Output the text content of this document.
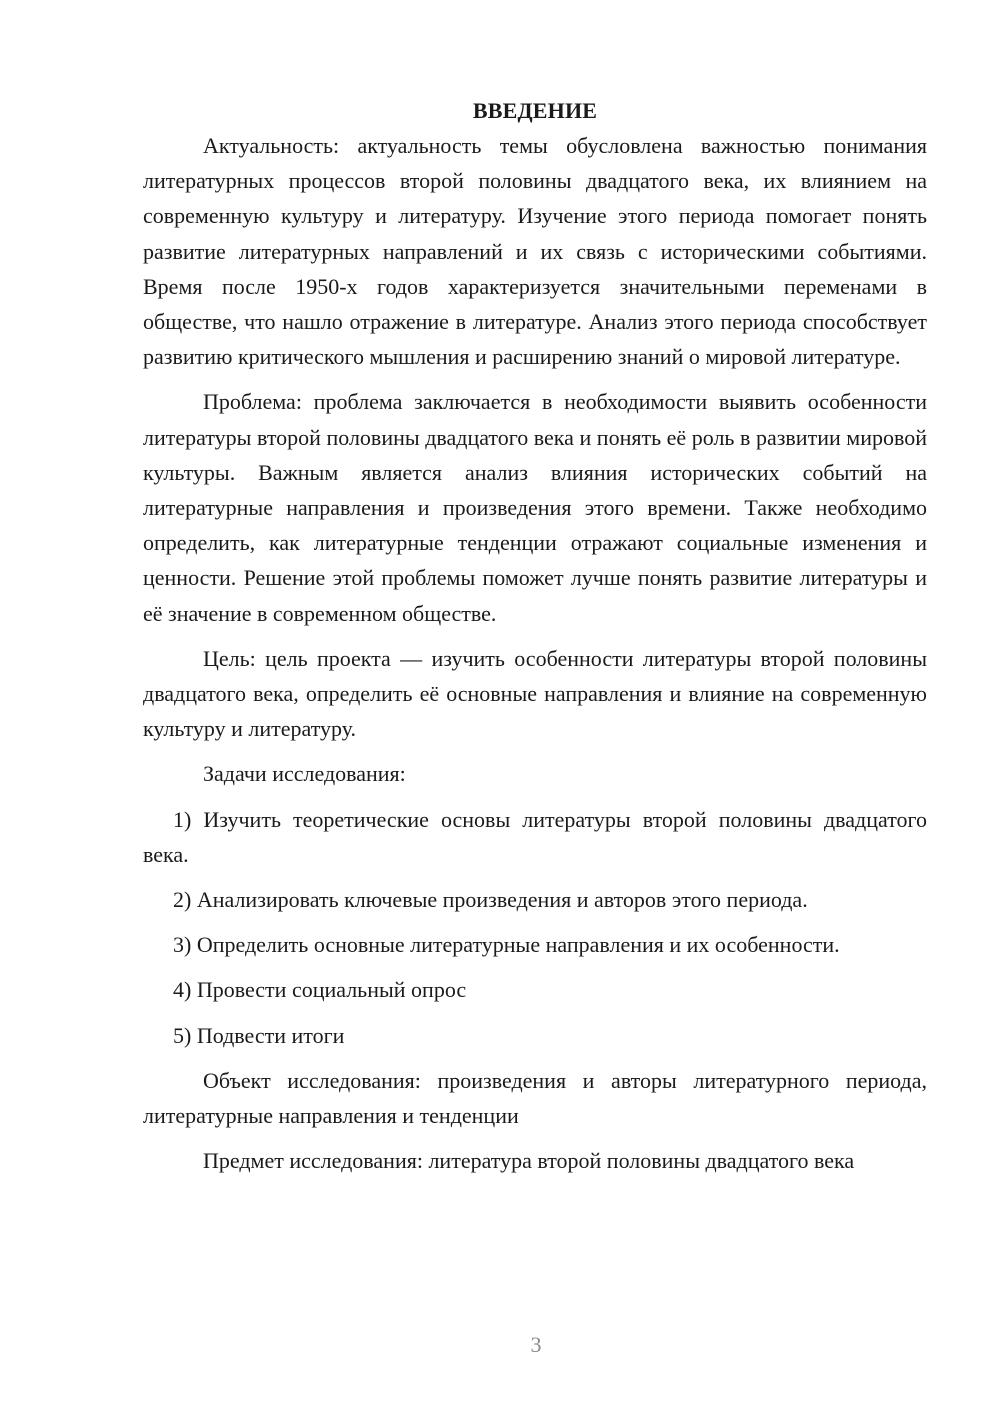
ВВЕДЕНИЕ

Актуальность: актуальность темы обусловлена важностью понимания литературных процессов второй половины двадцатого века, их влиянием на современную культуру и литературу. Изучение этого периода помогает понять развитие литературных направлений и их связь с историческими событиями. Время после 1950-х годов характеризуется значительными переменами в обществе, что нашло отражение в литературе. Анализ этого периода способствует развитию критического мышления и расширению знаний о мировой литературе.

Проблема: проблема заключается в необходимости выявить особенности литературы второй половины двадцатого века и понять её роль в развитии мировой культуры. Важным является анализ влияния исторических событий на литературные направления и произведения этого времени. Также необходимо определить, как литературные тенденции отражают социальные изменения и ценности. Решение этой проблемы поможет лучше понять развитие литературы и её значение в современном обществе.

Цель: цель проекта — изучить особенности литературы второй половины двадцатого века, определить её основные направления и влияние на современную культуру и литературу.

Задачи исследования:

1) Изучить теоретические основы литературы второй половины двадцатого века.

2) Анализировать ключевые произведения и авторов этого периода.

3) Определить основные литературные направления и их особенности.

4) Провести социальный опрос

5) Подвести итоги

Объект исследования: произведения и авторы литературного периода, литературные направления и тенденции

Предмет исследования: литература второй половины двадцатого века

3
